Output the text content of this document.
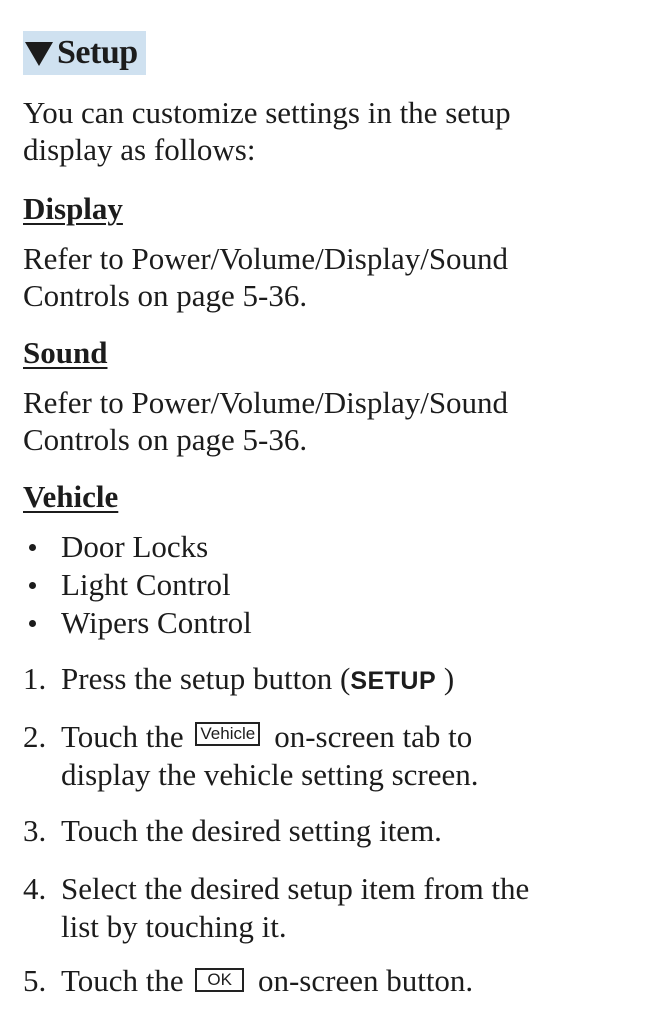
Setup

You can customize settings in the setup
display as follows:

Display

Refer to Power/Volume/Display/Sound
Controls on page 5-36.

Sound

Refer to Power/Volume/Display/Sound
Controls on page 5-36.

Vehicle

Door Locks
Light Control
Wipers Control
1. Press the setup button (SETUP )
2. Touch the Vehicle on-screen tab to
display the vehicle setting screen.
3. Touch the desired setting item.
4. Select the desired setup item from the
list by touching it.
5. Touch the OK on-screen button.
